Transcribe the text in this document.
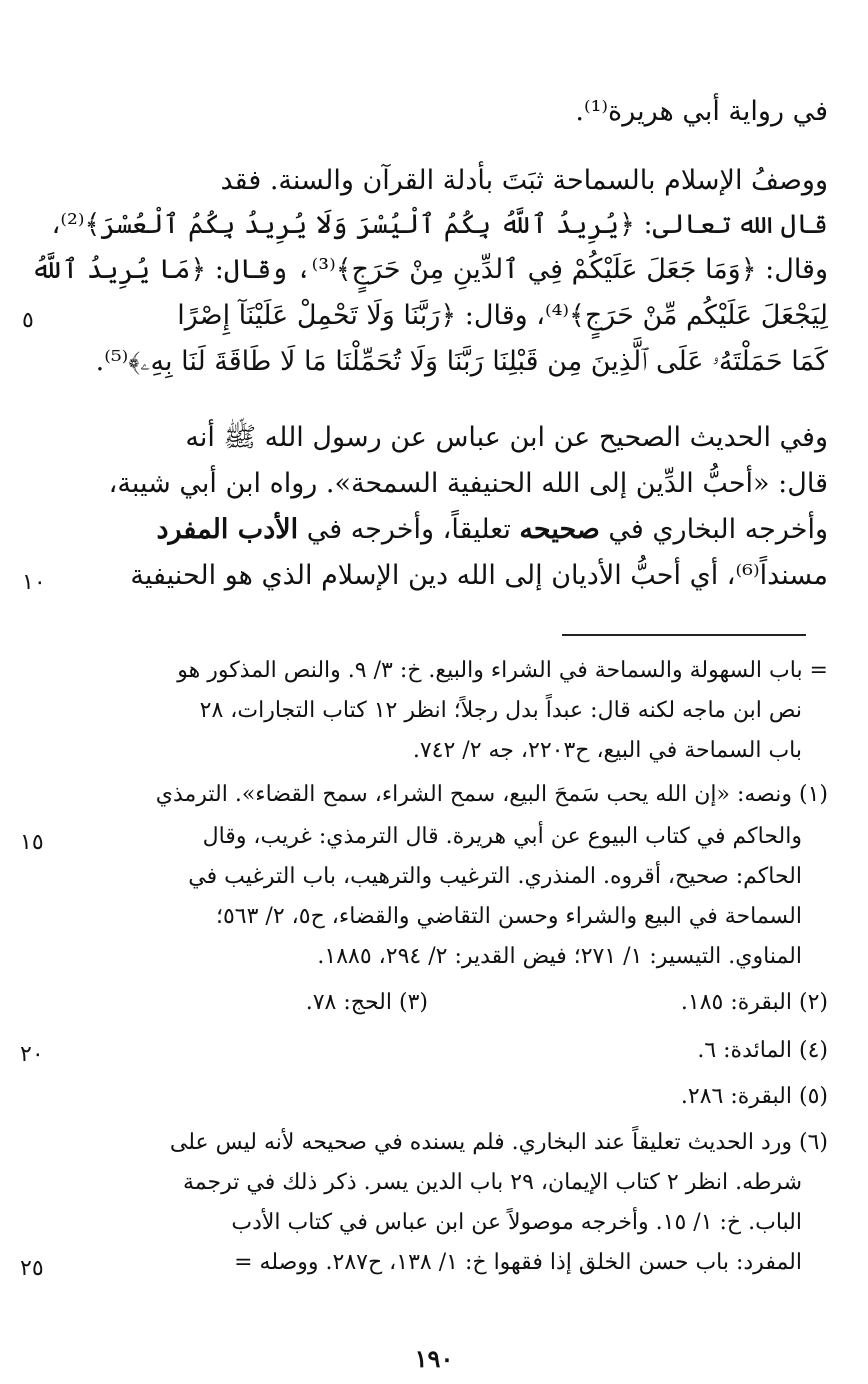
في رواية أبي هريرة⁽¹⁾.
ووصفُ الإسلام بالسماحة ثبَتَ بأدلة القرآن والسنة. فقد
قال الله تعالى: ﴿يُرِيدُ ٱللَّهُ بِكُمُ ٱلْيُسْرَ وَلَا يُرِيدُ بِكُمُ ٱلْعُسْرَ﴾⁽²⁾،
وقال: ﴿وَمَا جَعَلَ عَلَيْكُمْ فِي ٱلدِّينِ مِنْ حَرَجٍ﴾⁽³⁾، وقال: ﴿مَا يُرِيدُ ٱللَّهُ
لِيَجْعَلَ عَلَيْكُم مِّنْ حَرَجٍ﴾⁽⁴⁾، وقال: ﴿رَبَّنَا وَلَا تَحْمِلْ عَلَيْنَآ إِصْرًا
٥
كَمَا حَمَلْتَهُۥ عَلَى ٱلَّذِينَ مِن قَبْلِنَا رَبَّنَا وَلَا تُحَمِّلْنَا مَا لَا طَاقَةَ لَنَا بِهِۦ﴾⁽⁵⁾.
وفي الحديث الصحيح عن ابن عباس عن رسول الله ﷺ أنه
قال: «أحبُّ الدِّين إلى الله الحنيفية السمحة». رواه ابن أبي شيبة،
وأخرجه البخاري في صحيحه تعليقاً، وأخرجه في الأدب المفرد
مسنداً⁽⁶⁾، أي أحبُّ الأديان إلى الله دين الإسلام الذي هو الحنيفية
١٠
= باب السهولة والسماحة في الشراء والبيع. خ: ٣/ ٩. والنص المذكور هو
نص ابن ماجه لكنه قال: عبداً بدل رجلاً؛ انظر ١٢ كتاب التجارات، ٢٨
باب السماحة في البيع، ح٢٢٠٣، جه ٢/ ٧٤٢.
(١) ونصه: «إن الله يحب سَمحَ البيع، سمح الشراء، سمح القضاء». الترمذي
والحاكم في كتاب البيوع عن أبي هريرة. قال الترمذي: غريب، وقال
١٥
الحاكم: صحيح، أقروه. المنذري. الترغيب والترهيب، باب الترغيب في
السماحة في البيع والشراء وحسن التقاضي والقضاء، ح٥، ٢/ ٥٦٣؛
المناوي. التيسير: ١/ ٢٧١؛ فيض القدير: ٢/ ٢٩٤، ١٨٨٥.
(٢) البقرة: ١٨٥.
(٣) الحج: ٧٨.
(٤) المائدة: ٦.
٢٠
(٥) البقرة: ٢٨٦.
(٦) ورد الحديث تعليقاً عند البخاري. فلم يسنده في صحيحه لأنه ليس على
شرطه. انظر ٢ كتاب الإيمان، ٢٩ باب الدين يسر. ذكر ذلك في ترجمة
الباب. خ: ١/ ١٥. وأخرجه موصولاً عن ابن عباس في كتاب الأدب
المفرد: باب حسن الخلق إذا فقهوا خ: ١/ ١٣٨، ح٢٨٧. ووصله =
٢٥
١٩٠
